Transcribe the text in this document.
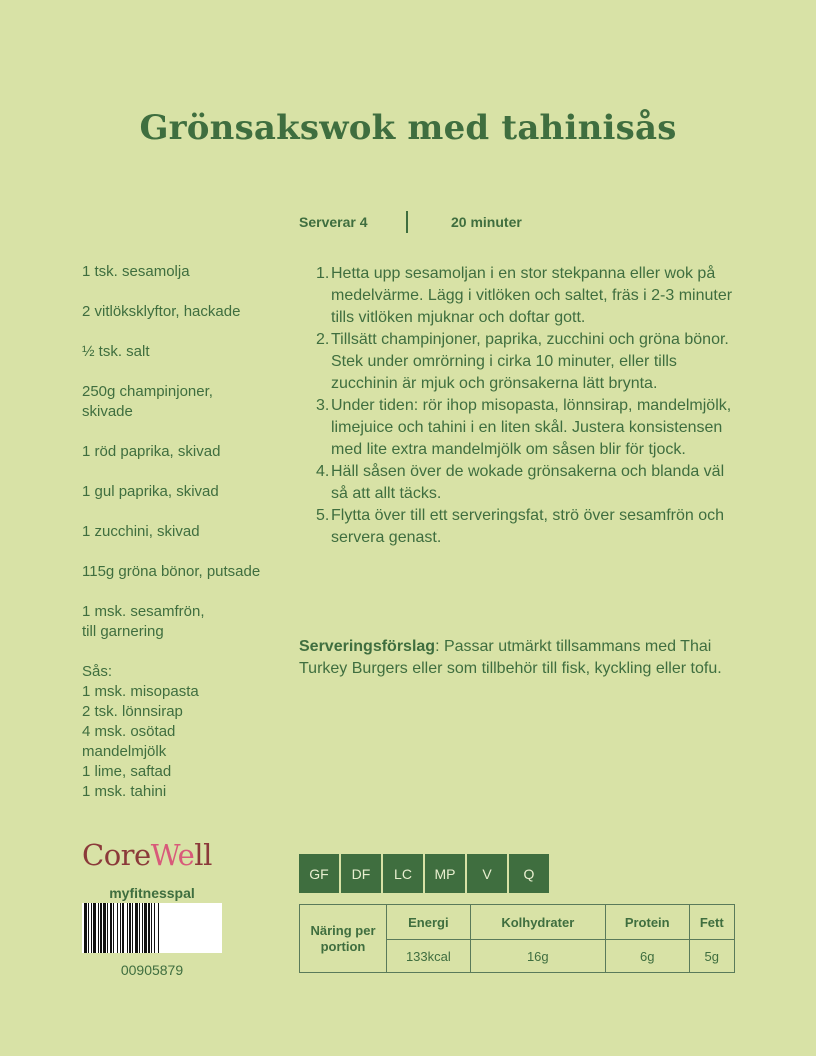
Grönsakswok med tahinisås
Serverar 4	20 minuter
1 tsk. sesamolja
2 vitlöksklyftor, hackade
½ tsk. salt
250g champinjoner, skivade
1 röd paprika, skivad
1 gul paprika, skivad
1 zucchini, skivad
115g gröna bönor, putsade
1 msk. sesamfrön, till garnering
Sås:
1 msk. misopasta
2 tsk. lönnsirap
4 msk. osötad mandelmjölk
1 lime, saftad
1 msk. tahini
1. Hetta upp sesamoljan i en stor stekpanna eller wok på medelvärme. Lägg i vitlöken och saltet, fräs i 2-3 minuter tills vitlöken mjuknar och doftar gott.
2. Tillsätt champinjoner, paprika, zucchini och gröna bönor. Stek under omrörning i cirka 10 minuter, eller tills zucchinin är mjuk och grönsakerna lätt brynta.
3. Under tiden: rör ihop misopasta, lönnsirap, mandelmjölk, limejuice och tahini i en liten skål. Justera konsistensen med lite extra mandelmjölk om såsen blir för tjock.
4. Häll såsen över de wokade grönsakerna och blanda väl så att allt täcks.
5. Flytta över till ett serveringsfat, strö över sesamfrön och servera genast.
Serveringsförslag: Passar utmärkt tillsammans med Thai Turkey Burgers eller som tillbehör till fisk, kyckling eller tofu.
CoreWell
myfitnesspal
00905879
GF	DF	LC	MP	V	Q
Näring per portion	Energi	Kolhydrater	Protein	Fett
	133kcal	16g	6g	5g
